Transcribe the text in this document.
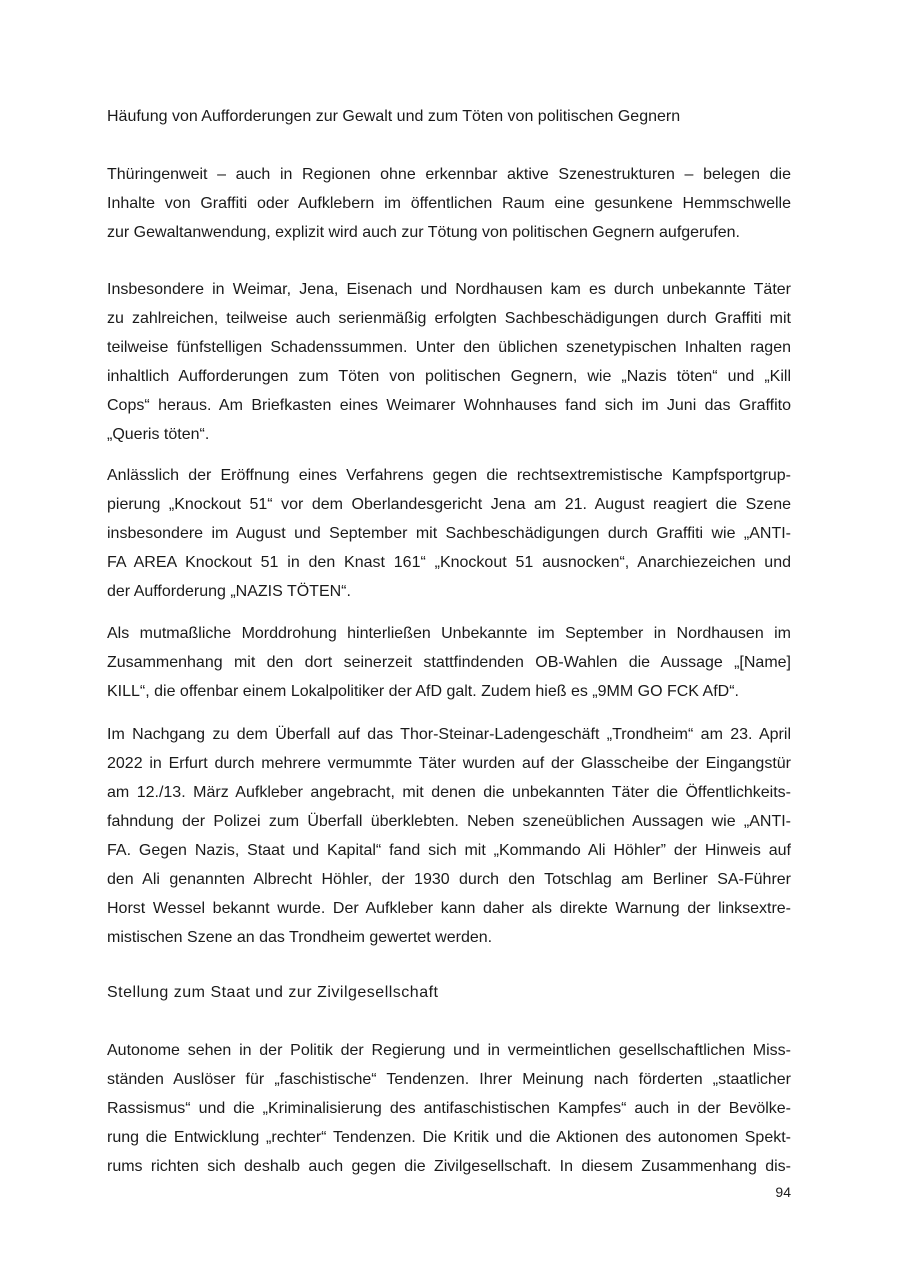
Häufung von Aufforderungen zur Gewalt und zum Töten von politischen Gegnern

Thüringenweit – auch in Regionen ohne erkennbar aktive Szenestrukturen – belegen die
Inhalte von Graffiti oder Aufklebern im öffentlichen Raum eine gesunkene Hemmschwelle
zur Gewaltanwendung, explizit wird auch zur Tötung von politischen Gegnern aufgerufen.

Insbesondere in Weimar, Jena, Eisenach und Nordhausen kam es durch unbekannte Täter
zu zahlreichen, teilweise auch serienmäßig erfolgten Sachbeschädigungen durch Graffiti mit
teilweise fünfstelligen Schadenssummen. Unter den üblichen szenetypischen Inhalten ragen
inhaltlich Aufforderungen zum Töten von politischen Gegnern, wie „Nazis töten“ und „Kill
Cops“ heraus. Am Briefkasten eines Weimarer Wohnhauses fand sich im Juni das Graffito
„Queris töten“.

Anlässlich der Eröffnung eines Verfahrens gegen die rechtsextremistische Kampfsportgrup-
pierung „Knockout 51“ vor dem Oberlandesgericht Jena am 21. August reagiert die Szene
insbesondere im August und September mit Sachbeschädigungen durch Graffiti wie „ANTI-
FA AREA Knockout 51 in den Knast 161“ „Knockout 51 ausnocken“, Anarchiezeichen und
der Aufforderung „NAZIS TÖTEN“.

Als mutmaßliche Morddrohung hinterließen Unbekannte im September in Nordhausen im
Zusammenhang mit den dort seinerzeit stattfindenden OB-Wahlen die Aussage „[Name]
KILL“, die offenbar einem Lokalpolitiker der AfD galt. Zudem hieß es „9MM GO FCK AfD“.

Im Nachgang zu dem Überfall auf das Thor-Steinar-Ladengeschäft „Trondheim“ am 23. April
2022 in Erfurt durch mehrere vermummte Täter wurden auf der Glasscheibe der Eingangstür
am 12./13. März Aufkleber angebracht, mit denen die unbekannten Täter die Öffentlichkeits-
fahndung der Polizei zum Überfall überklebten. Neben szeneüblichen Aussagen wie „ANTI-
FA. Gegen Nazis, Staat und Kapital“ fand sich mit „Kommando Ali Höhler” der Hinweis auf
den Ali genannten Albrecht Höhler, der 1930 durch den Totschlag am Berliner SA-Führer
Horst Wessel bekannt wurde. Der Aufkleber kann daher als direkte Warnung der linksextre-
mistischen Szene an das Trondheim gewertet werden.

Stellung zum Staat und zur Zivilgesellschaft

Autonome sehen in der Politik der Regierung und in vermeintlichen gesellschaftlichen Miss-
ständen Auslöser für „faschistische“ Tendenzen. Ihrer Meinung nach förderten „staatlicher
Rassismus“ und die „Kriminalisierung des antifaschistischen Kampfes“ auch in der Bevölke-
rung die Entwicklung „rechter“ Tendenzen. Die Kritik und die Aktionen des autonomen Spekt-
rums richten sich deshalb auch gegen die Zivilgesellschaft. In diesem Zusammenhang dis-

94
